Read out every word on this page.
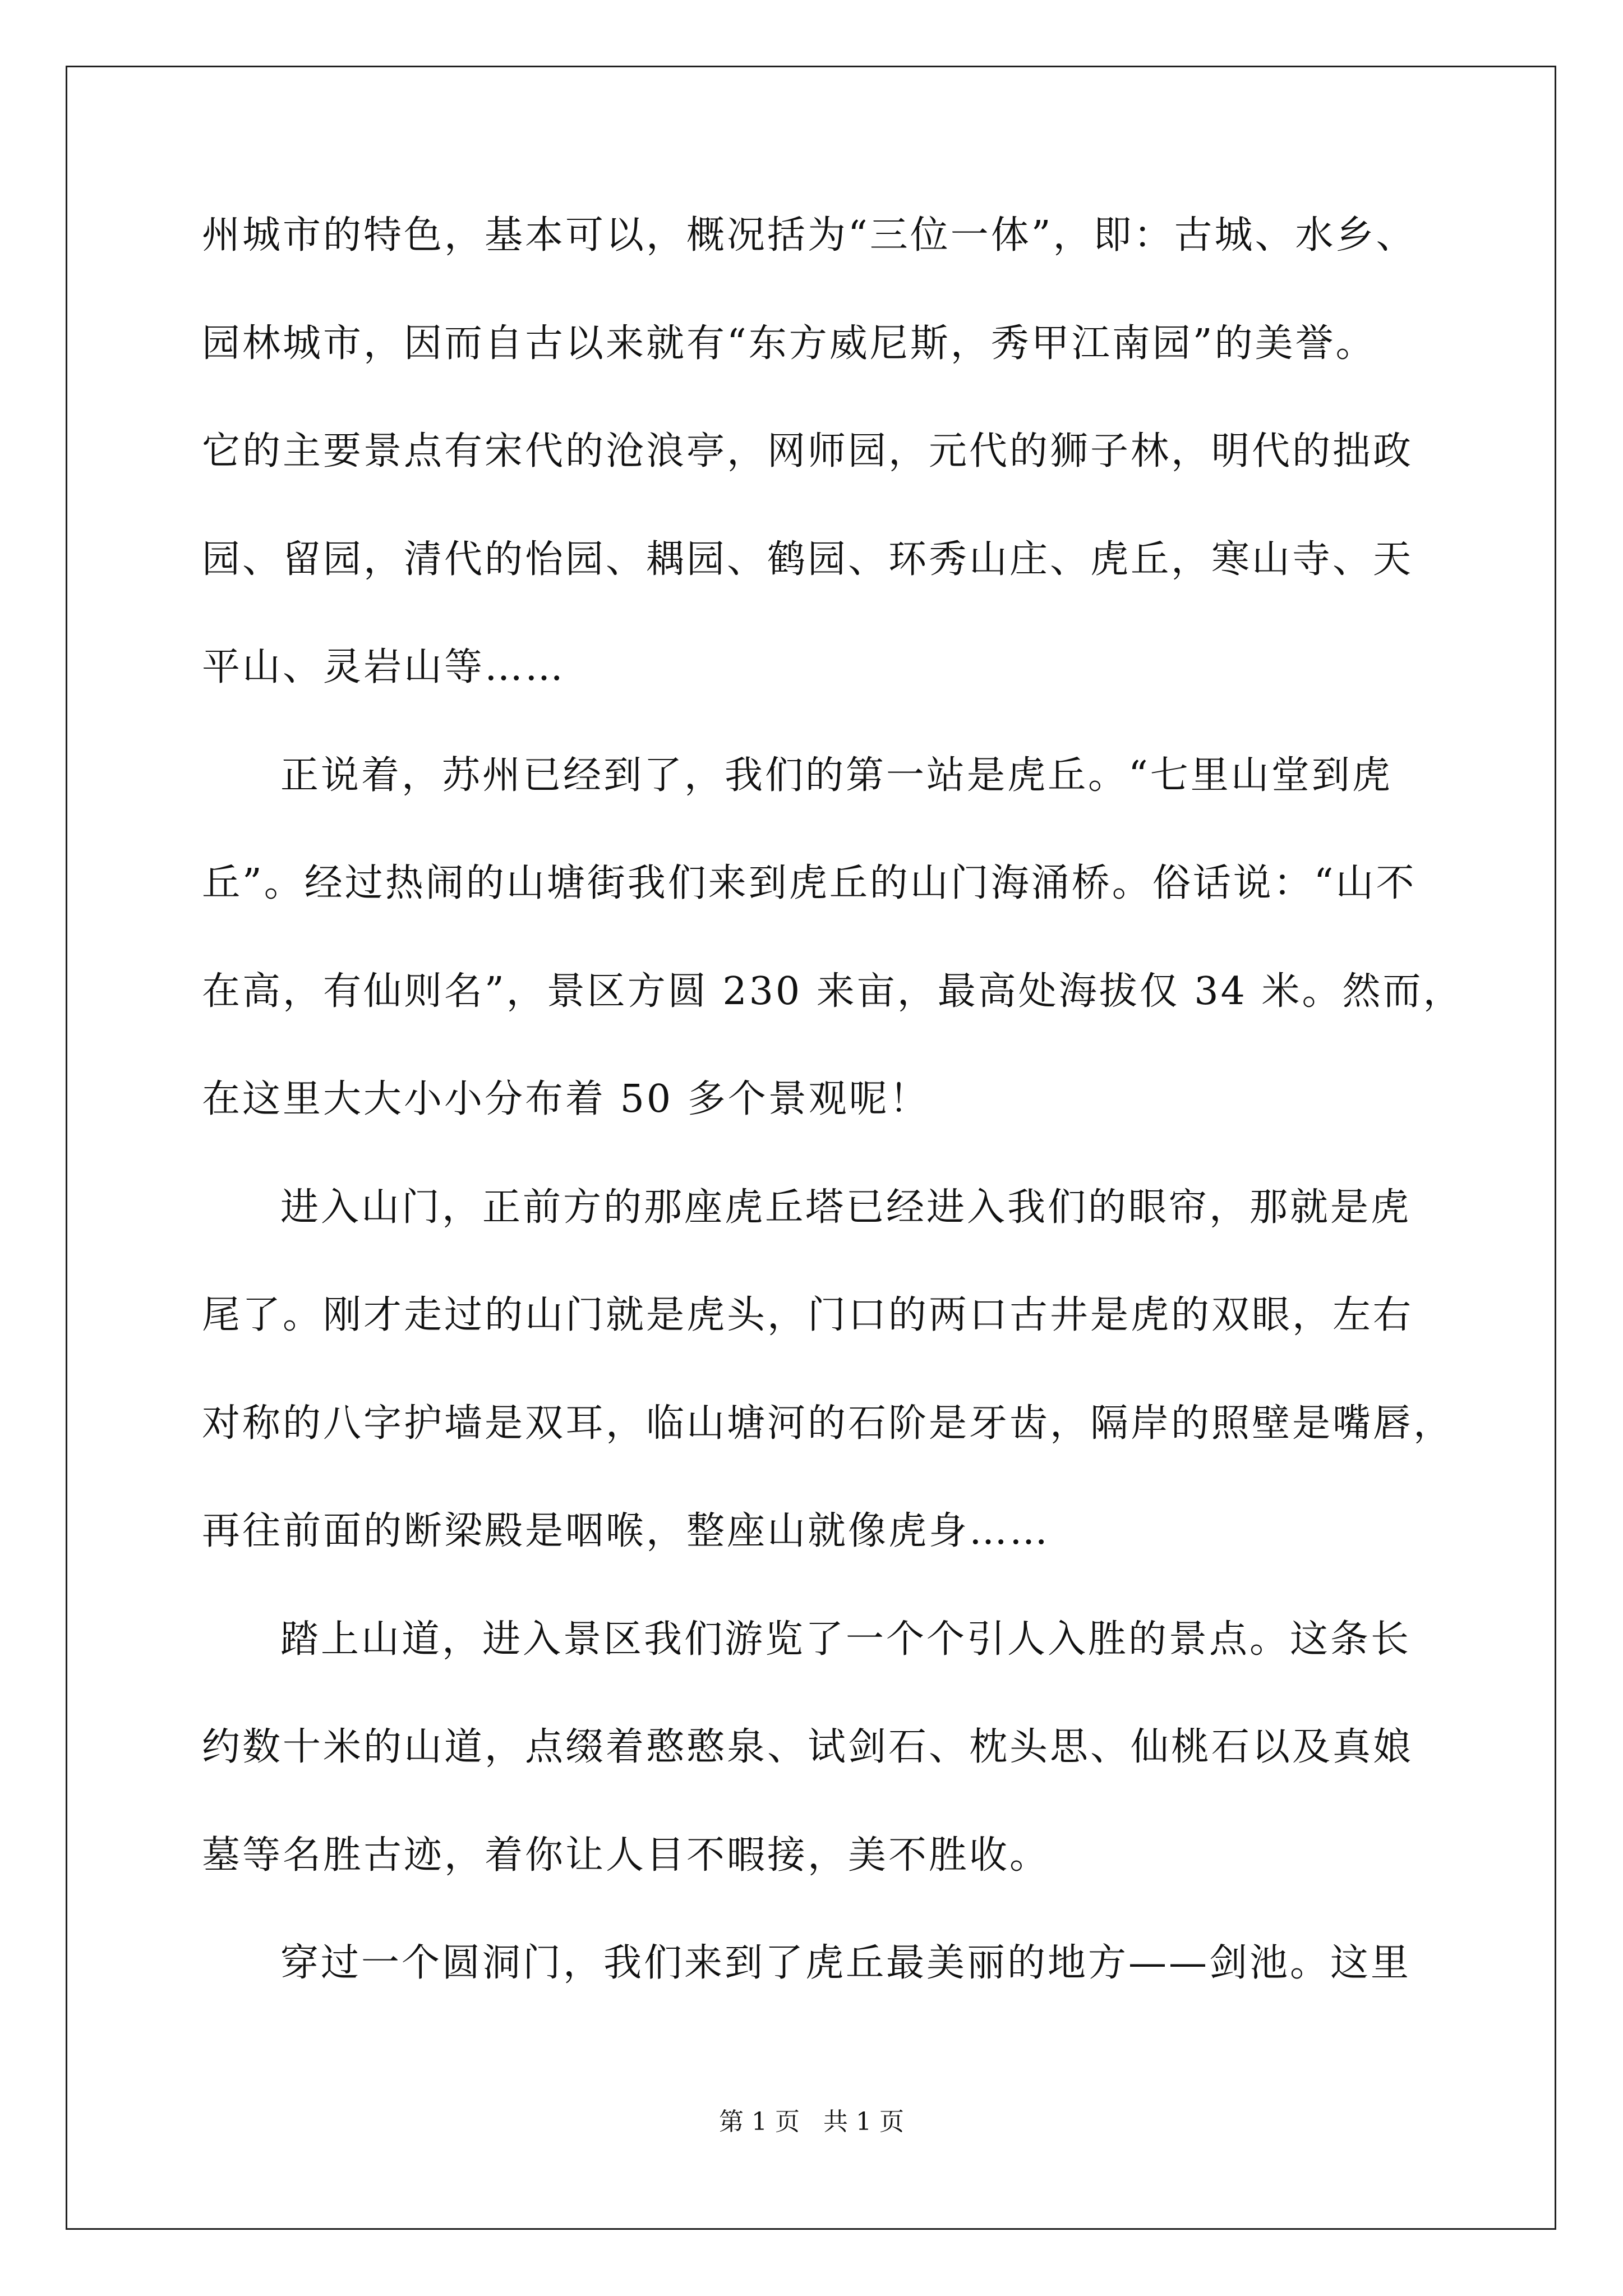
州城市的特色，基本可以，概况括为“三位一体”，即：古城、水乡、
园林城市，因而自古以来就有“东方威尼斯，秀甲江南园”的美誉。
它的主要景点有宋代的沧浪亭，网师园，元代的狮子林，明代的拙政
园、留园，清代的怡园、耦园、鹤园、环秀山庄、虎丘，寒山寺、天
平山、灵岩山等……
正说着，苏州已经到了，我们的第一站是虎丘。“七里山堂到虎
丘”。经过热闹的山塘街我们来到虎丘的山门海涌桥。俗话说：“山不
在高，有仙则名”，景区方圆 230 来亩，最高处海拔仅 34 米。然而，
在这里大大小小分布着 50 多个景观呢！
进入山门，正前方的那座虎丘塔已经进入我们的眼帘，那就是虎
尾了。刚才走过的山门就是虎头，门口的两口古井是虎的双眼，左右
对称的八字护墙是双耳，临山塘河的石阶是牙齿，隔岸的照壁是嘴唇，
再往前面的断梁殿是咽喉，整座山就像虎身……
踏上山道，进入景区我们游览了一个个引人入胜的景点。这条长
约数十米的山道，点缀着憨憨泉、试剑石、枕头思、仙桃石以及真娘
墓等名胜古迹，着你让人目不暇接，美不胜收。
穿过一个圆洞门，我们来到了虎丘最美丽的地方——剑池。这里
第 1 页   共 1 页
